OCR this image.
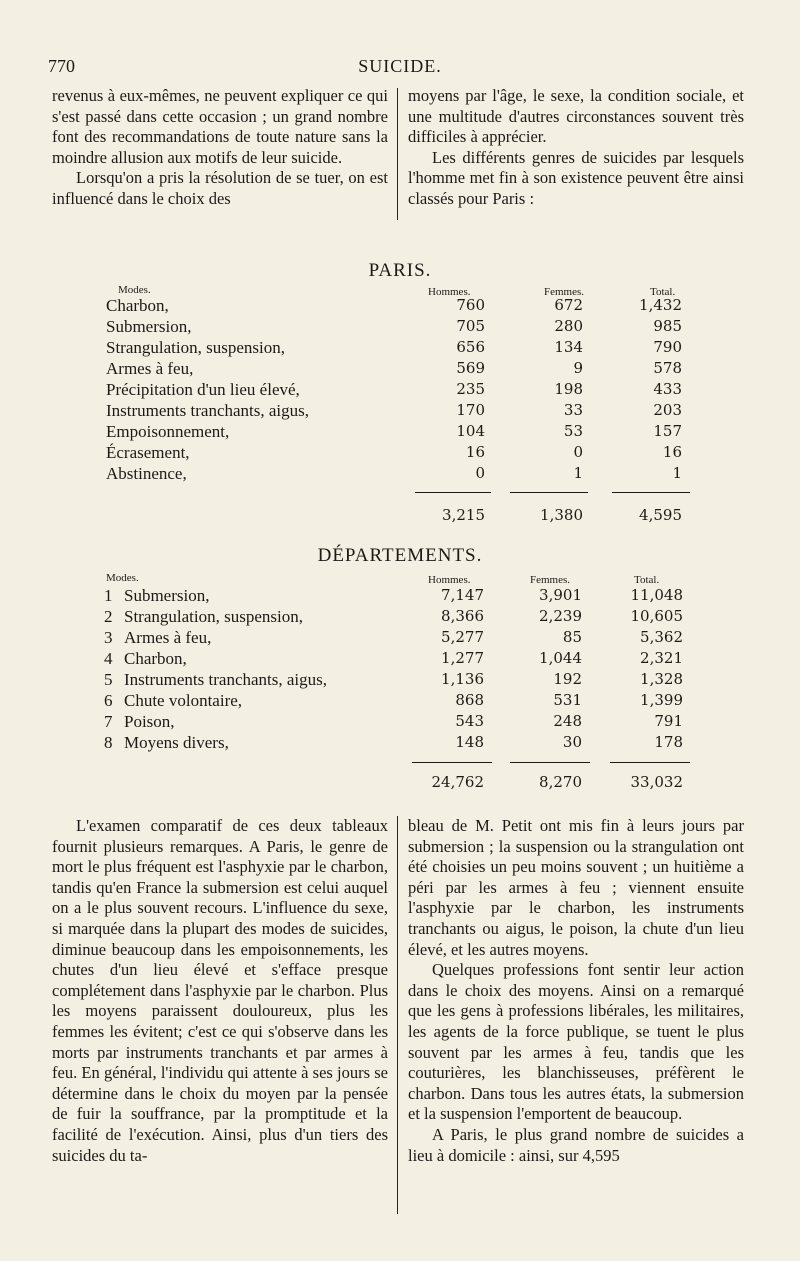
770	SUICIDE.

revenus à eux-mêmes, ne peuvent expliquer ce qui s'est passé dans cette occasion ; un grand nombre font des recommandations de toute nature sans la moindre allusion aux motifs de leur suicide.

Lorsqu'on a pris la résolution de se tuer, on est influencé dans le choix des

moyens par l'âge, le sexe, la condition sociale, et une multitude d'autres circonstances souvent très difficiles à apprécier.

Les différents genres de suicides par lesquels l'homme met fin à son existence peuvent être ainsi classés pour Paris :

PARIS.
Modes.	Hommes.	Femmes.	Total.
Charbon,	760	672	1,432
Submersion,	705	280	985
Strangulation, suspension,	656	134	790
Armes à feu,	569	9	578
Précipitation d'un lieu élevé,	235	198	433
Instruments tranchants, aigus,	170	33	203
Empoisonnement,	104	53	157
Écrasement,	16	0	16
Abstinence,	0	1	1
3,215	1,380	4,595
DÉPARTEMENTS.
Modes.	Hommes.	Femmes.	Total.
1 Submersion,	7,147	3,901	11,048
2 Strangulation, suspension,	8,366	2,239	10,605
3 Armes à feu,	5,277	85	5,362
4 Charbon,	1,277	1,044	2,321
5 Instruments tranchants, aigus,	1,136	192	1,328
6 Chute volontaire,	868	531	1,399
7 Poison,	543	248	791
8 Moyens divers,	148	30	178
24,762	8,270	33,032

L'examen comparatif de ces deux tableaux fournit plusieurs remarques. A Paris, le genre de mort le plus fréquent est l'asphyxie par le charbon, tandis qu'en France la submersion est celui auquel on a le plus souvent recours. L'influence du sexe, si marquée dans la plupart des modes de suicides, diminue beaucoup dans les empoisonnements, les chutes d'un lieu élevé et s'efface presque complétement dans l'asphyxie par le charbon. Plus les moyens paraissent douloureux, plus les femmes les évitent; c'est ce qui s'observe dans les morts par instruments tranchants et par armes à feu. En général, l'individu qui attente à ses jours se détermine dans le choix du moyen par la pensée de fuir la souffrance, par la promptitude et la facilité de l'exécution. Ainsi, plus d'un tiers des suicides du ta-

bleau de M. Petit ont mis fin à leurs jours par submersion ; la suspension ou la strangulation ont été choisies un peu moins souvent ; un huitième a péri par les armes à feu ; viennent ensuite l'asphyxie par le charbon, les instruments tranchants ou aigus, le poison, la chute d'un lieu élevé, et les autres moyens.

Quelques professions font sentir leur action dans le choix des moyens. Ainsi on a remarqué que les gens à professions libérales, les militaires, les agents de la force publique, se tuent le plus souvent par les armes à feu, tandis que les couturières, les blanchisseuses, préfèrent le charbon. Dans tous les autres états, la submersion et la suspension l'emportent de beaucoup.

A Paris, le plus grand nombre de suicides a lieu à domicile : ainsi, sur 4,595
